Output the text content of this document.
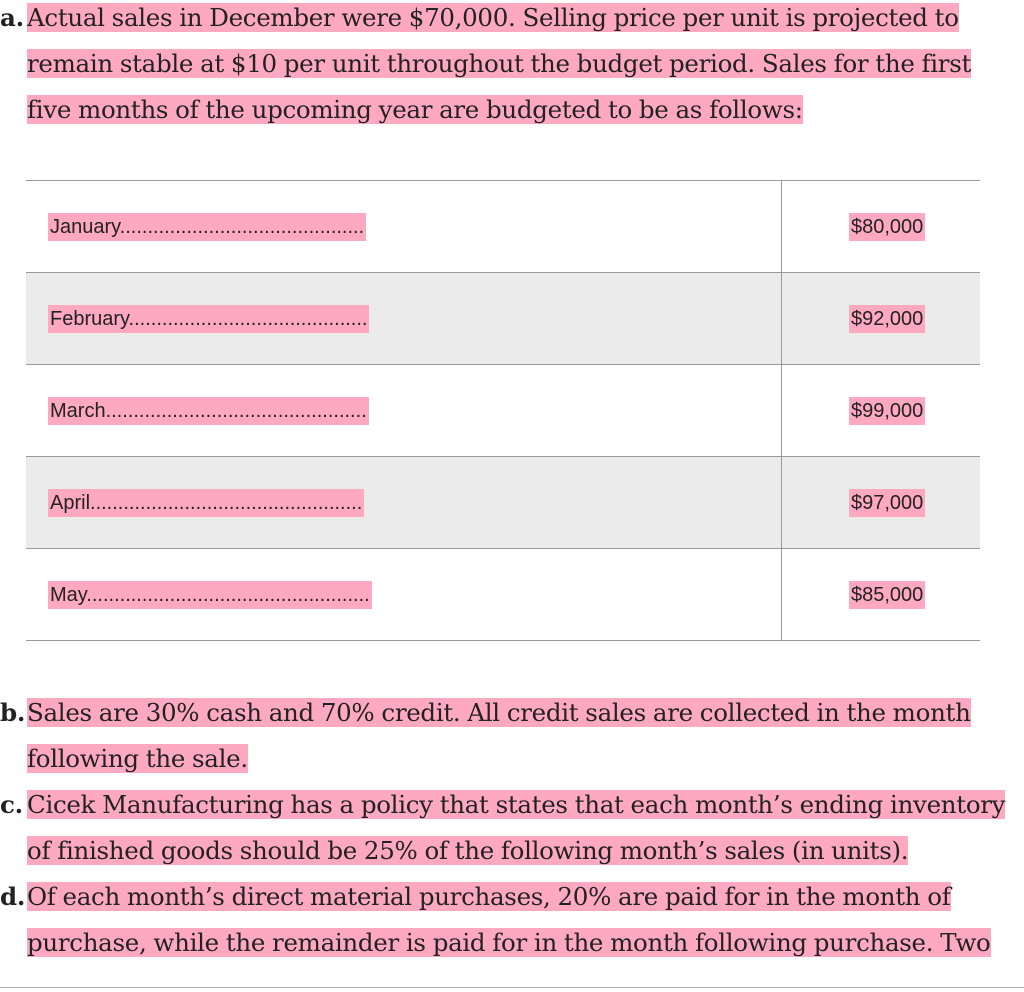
a. Actual sales in December were $70,000. Selling price per unit is projected to
remain stable at $10 per unit throughout the budget period. Sales for the first
five months of the upcoming year are budgeted to be as follows:
January............................................	$80,000
February...........................................	$92,000
March...............................................	$99,000
April.................................................	$97,000
May...................................................	$85,000
b.Sales are 30% cash and 70% credit. All credit sales are collected in the month
following the sale.
c. Cicek Manufacturing has a policy that states that each month’s ending inventory
of finished goods should be 25% of the following month’s sales (in units).
d.Of each month’s direct material purchases, 20% are paid for in the month of
purchase, while the remainder is paid for in the month following purchase. Two
